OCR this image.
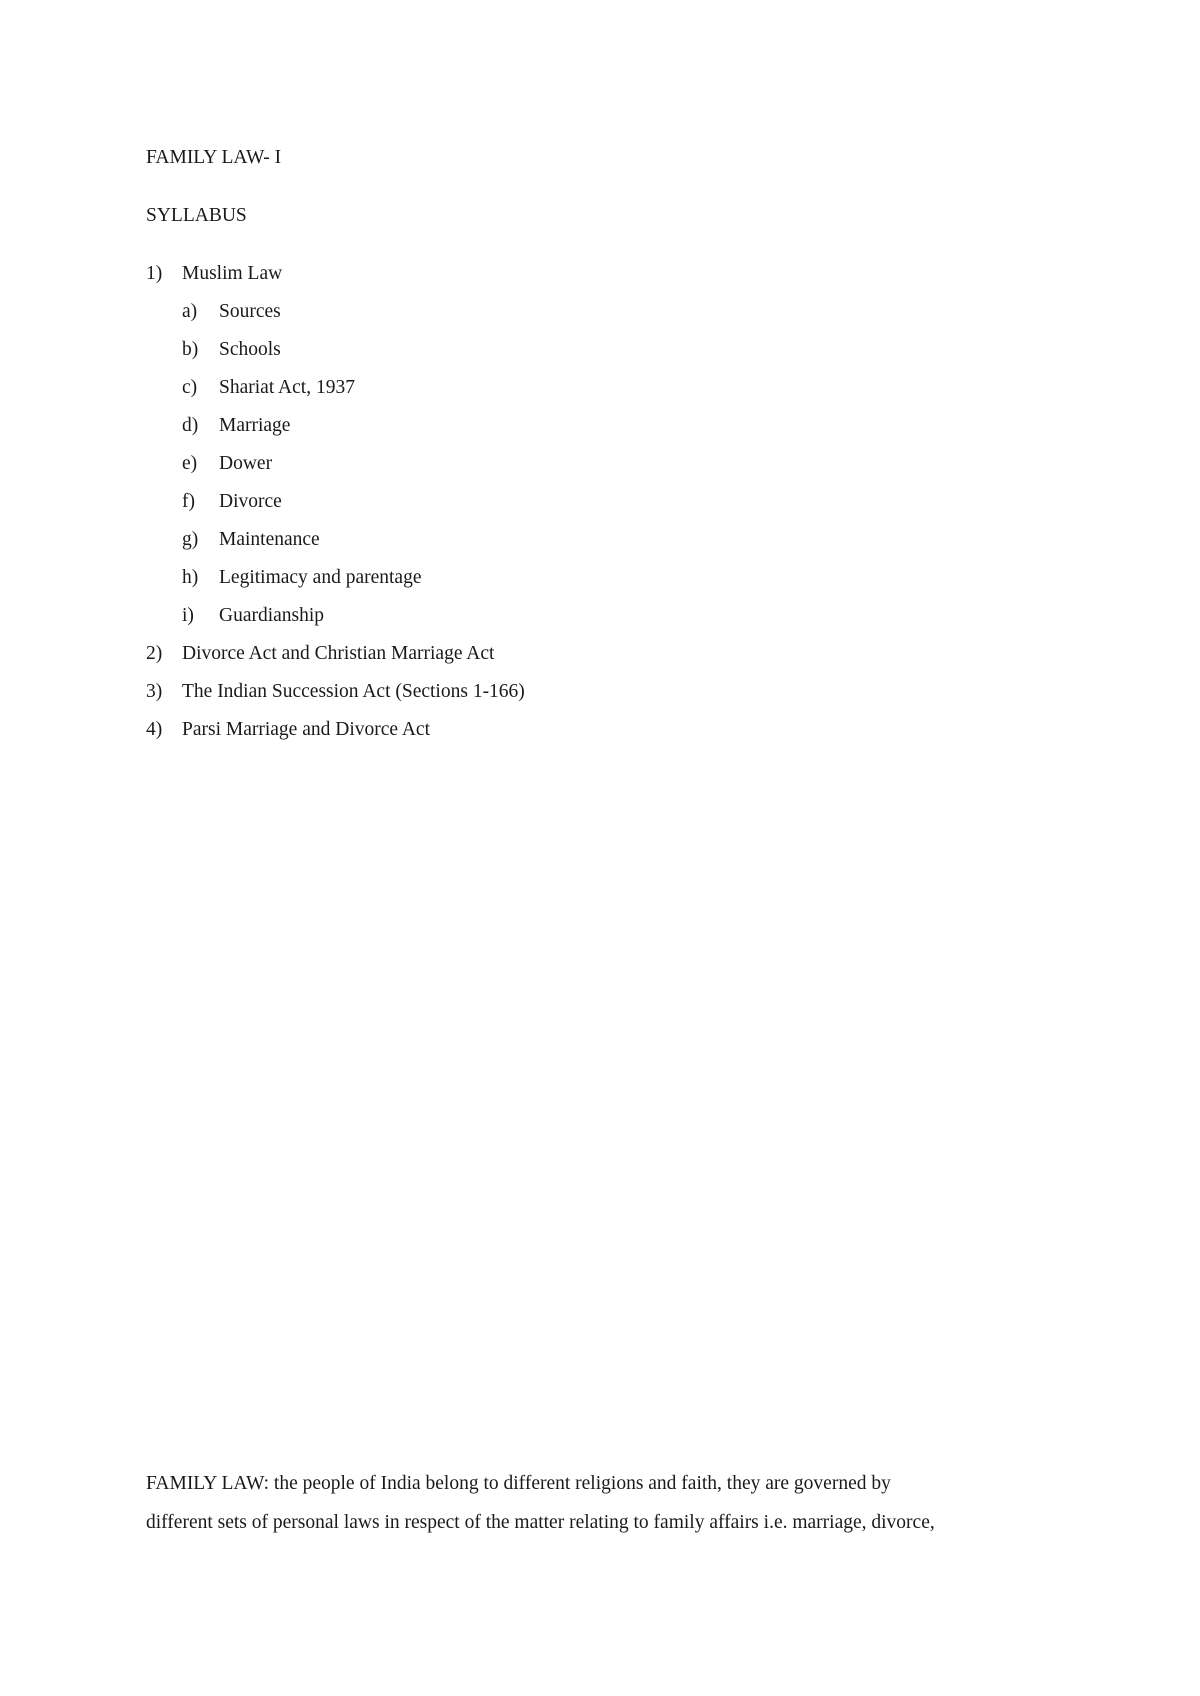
FAMILY LAW- I
SYLLABUS
1) Muslim Law
a) Sources
b) Schools
c) Shariat Act, 1937
d) Marriage
e) Dower
f) Divorce
g) Maintenance
h) Legitimacy and parentage
i) Guardianship
2) Divorce Act and Christian Marriage Act
3) The Indian Succession Act (Sections 1-166)
4) Parsi Marriage and Divorce Act
FAMILY LAW: the people of India belong to different religions and faith, they are governed by
different sets of personal laws in respect of the matter relating to family affairs i.e. marriage, divorce,
